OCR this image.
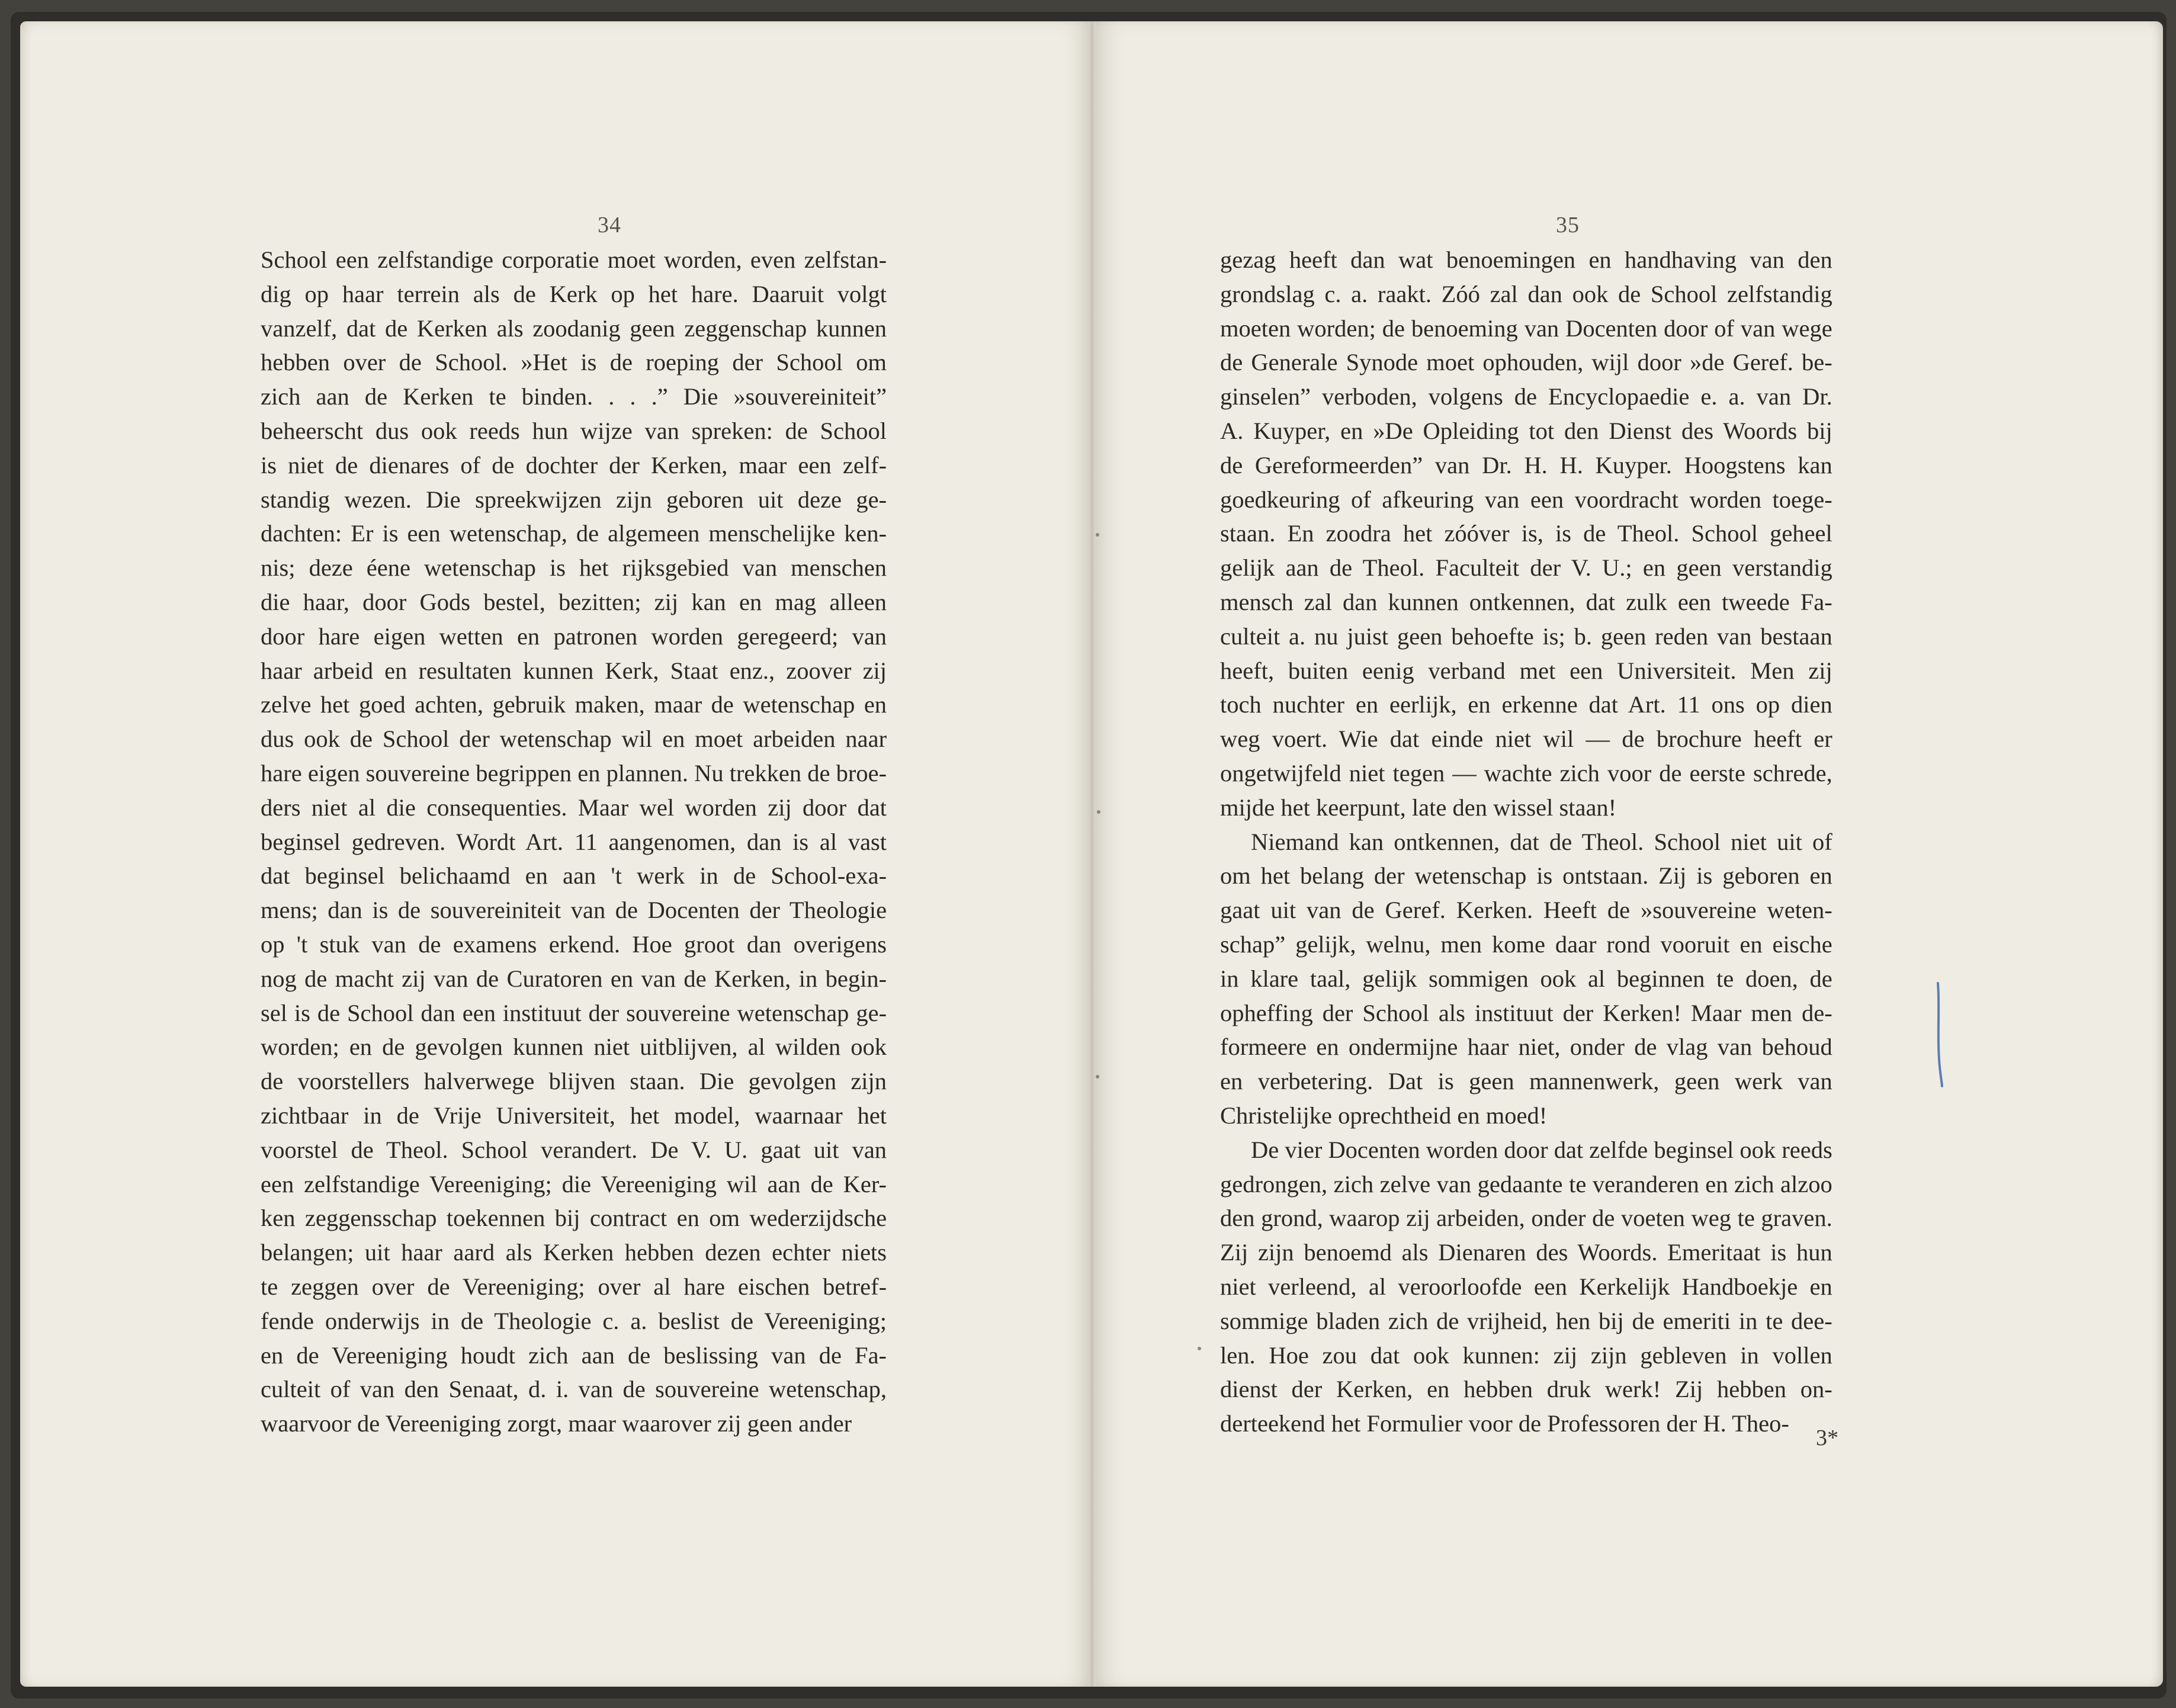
34	35
School een zelfstandige corporatie moet worden, even zelfstan-
dig op haar terrein als de Kerk op het hare. Daaruit volgt
vanzelf, dat de Kerken als zoodanig geen zeggenschap kunnen
hebben over de School. »Het is de roeping der School om
zich aan de Kerken te binden. . . .” Die »souvereiniteit”
beheerscht dus ook reeds hun wijze van spreken: de School
is niet de dienares of de dochter der Kerken, maar een zelf-
standig wezen. Die spreekwijzen zijn geboren uit deze ge-
dachten: Er is een wetenschap, de algemeen menschelijke ken-
nis; deze éene wetenschap is het rijksgebied van menschen
die haar, door Gods bestel, bezitten; zij kan en mag alleen
door hare eigen wetten en patronen worden geregeerd; van
haar arbeid en resultaten kunnen Kerk, Staat enz., zoover zij
zelve het goed achten, gebruik maken, maar de wetenschap en
dus ook de School der wetenschap wil en moet arbeiden naar
hare eigen souvereine begrippen en plannen. Nu trekken de broe-
ders niet al die consequenties. Maar wel worden zij door dat
beginsel gedreven. Wordt Art. 11 aangenomen, dan is al vast
dat beginsel belichaamd en aan 't werk in de School-exa-
mens; dan is de souvereiniteit van de Docenten der Theologie
op 't stuk van de examens erkend. Hoe groot dan overigens
nog de macht zij van de Curatoren en van de Kerken, in begin-
sel is de School dan een instituut der souvereine wetenschap ge-
worden; en de gevolgen kunnen niet uitblijven, al wilden ook
de voorstellers halverwege blijven staan. Die gevolgen zijn
zichtbaar in de Vrije Universiteit, het model, waarnaar het
voorstel de Theol. School verandert. De V. U. gaat uit van
een zelfstandige Vereeniging; die Vereeniging wil aan de Ker-
ken zeggensschap toekennen bij contract en om wederzijdsche
belangen; uit haar aard als Kerken hebben dezen echter niets
te zeggen over de Vereeniging; over al hare eischen betref-
fende onderwijs in de Theologie c. a. beslist de Vereeniging;
en de Vereeniging houdt zich aan de beslissing van de Fa-
culteit of van den Senaat, d. i. van de souvereine wetenschap,
waarvoor de Vereeniging zorgt, maar waarover zij geen ander
gezag heeft dan wat benoemingen en handhaving van den
grondslag c. a. raakt. Zóó zal dan ook de School zelfstandig
moeten worden; de benoeming van Docenten door of van wege
de Generale Synode moet ophouden, wijl door »de Geref. be-
ginselen” verboden, volgens de Encyclopaedie e. a. van Dr.
A. Kuyper, en »De Opleiding tot den Dienst des Woords bij
de Gereformeerden” van Dr. H. H. Kuyper. Hoogstens kan
goedkeuring of afkeuring van een voordracht worden toege-
staan. En zoodra het zóóver is, is de Theol. School geheel
gelijk aan de Theol. Faculteit der V. U.; en geen verstandig
mensch zal dan kunnen ontkennen, dat zulk een tweede Fa-
culteit a. nu juist geen behoefte is; b. geen reden van bestaan
heeft, buiten eenig verband met een Universiteit. Men zij
toch nuchter en eerlijk, en erkenne dat Art. 11 ons op dien
weg voert. Wie dat einde niet wil — de brochure heeft er
ongetwijfeld niet tegen — wachte zich voor de eerste schrede,
mijde het keerpunt, late den wissel staan!
Niemand kan ontkennen, dat de Theol. School niet uit of
om het belang der wetenschap is ontstaan. Zij is geboren en
gaat uit van de Geref. Kerken. Heeft de »souvereine weten-
schap” gelijk, welnu, men kome daar rond vooruit en eische
in klare taal, gelijk sommigen ook al beginnen te doen, de
opheffing der School als instituut der Kerken! Maar men de-
formeere en ondermijne haar niet, onder de vlag van behoud
en verbetering. Dat is geen mannenwerk, geen werk van
Christelijke oprechtheid en moed!
De vier Docenten worden door dat zelfde beginsel ook reeds
gedrongen, zich zelve van gedaante te veranderen en zich alzoo
den grond, waarop zij arbeiden, onder de voeten weg te graven.
Zij zijn benoemd als Dienaren des Woords. Emeritaat is hun
niet verleend, al veroorloofde een Kerkelijk Handboekje en
sommige bladen zich de vrijheid, hen bij de emeriti in te dee-
len. Hoe zou dat ook kunnen: zij zijn gebleven in vollen
dienst der Kerken, en hebben druk werk! Zij hebben on-
derteekend het Formulier voor de Professoren der H. Theo-
3*
